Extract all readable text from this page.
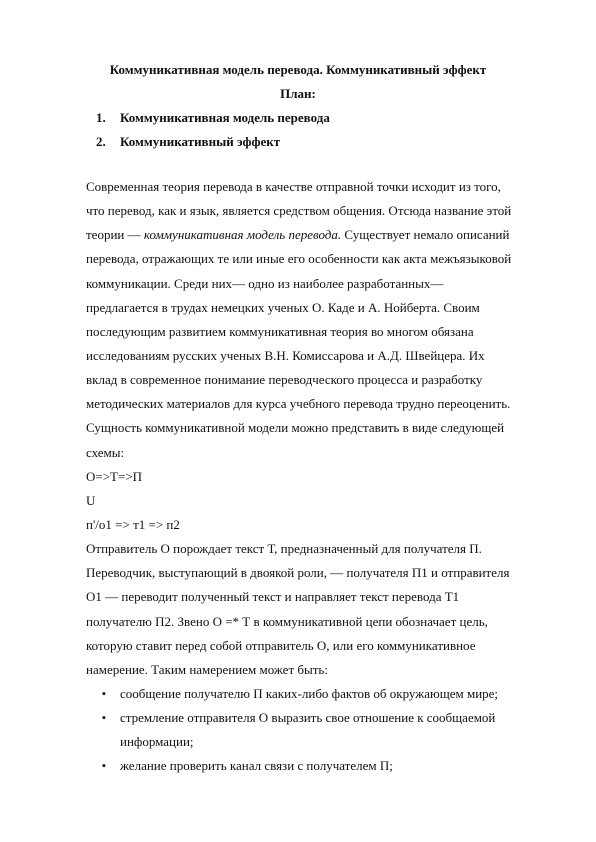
Коммуникативная модель перевода. Коммуникативный эффект
План:
1. Коммуникативная модель перевода
2. Коммуникативный эффект
Современная теория перевода в качестве отправной точки исходит из того,
что перевод, как и язык, является средством общения. Отсюда название этой
теории — коммуникативная модель перевода. Существует немало описаний
перевода, отражающих те или иные его особенности как акта межъязыковой
коммуникации. Среди них— одно из наиболее разработанных—
предлагается в трудах немецких ученых О. Каде и А. Нойберта. Своим
последующим развитием коммуникативная теория во многом обязана
исследованиям русских ученых В.Н. Комиссарова и А.Д. Швейцера. Их
вклад в современное понимание переводческого процесса и разработку
методических материалов для курса учебного перевода трудно переоценить.
Сущность коммуникативной модели можно представить в виде следующей
схемы:
О=>Т=>П
U
п'/о1 => т1 => п2
Отправитель О порождает текст Т, предназначенный для получателя П.
Переводчик, выступающий в двоякой роли, — получателя П1 и отправителя
О1 — переводит полученный текст и направляет текст перевода Т1
получателю П2. Звено О =* Т в коммуникативной цепи обозначает цель,
которую ставит перед собой отправитель О, или его коммуникативное
намерение. Таким намерением может быть:
▪ сообщение получателю П каких-либо фактов об окружающем мире;
▪ стремление отправителя О выразить свое отношение к сообщаемой
информации;
▪ желание проверить канал связи с получателем П;
